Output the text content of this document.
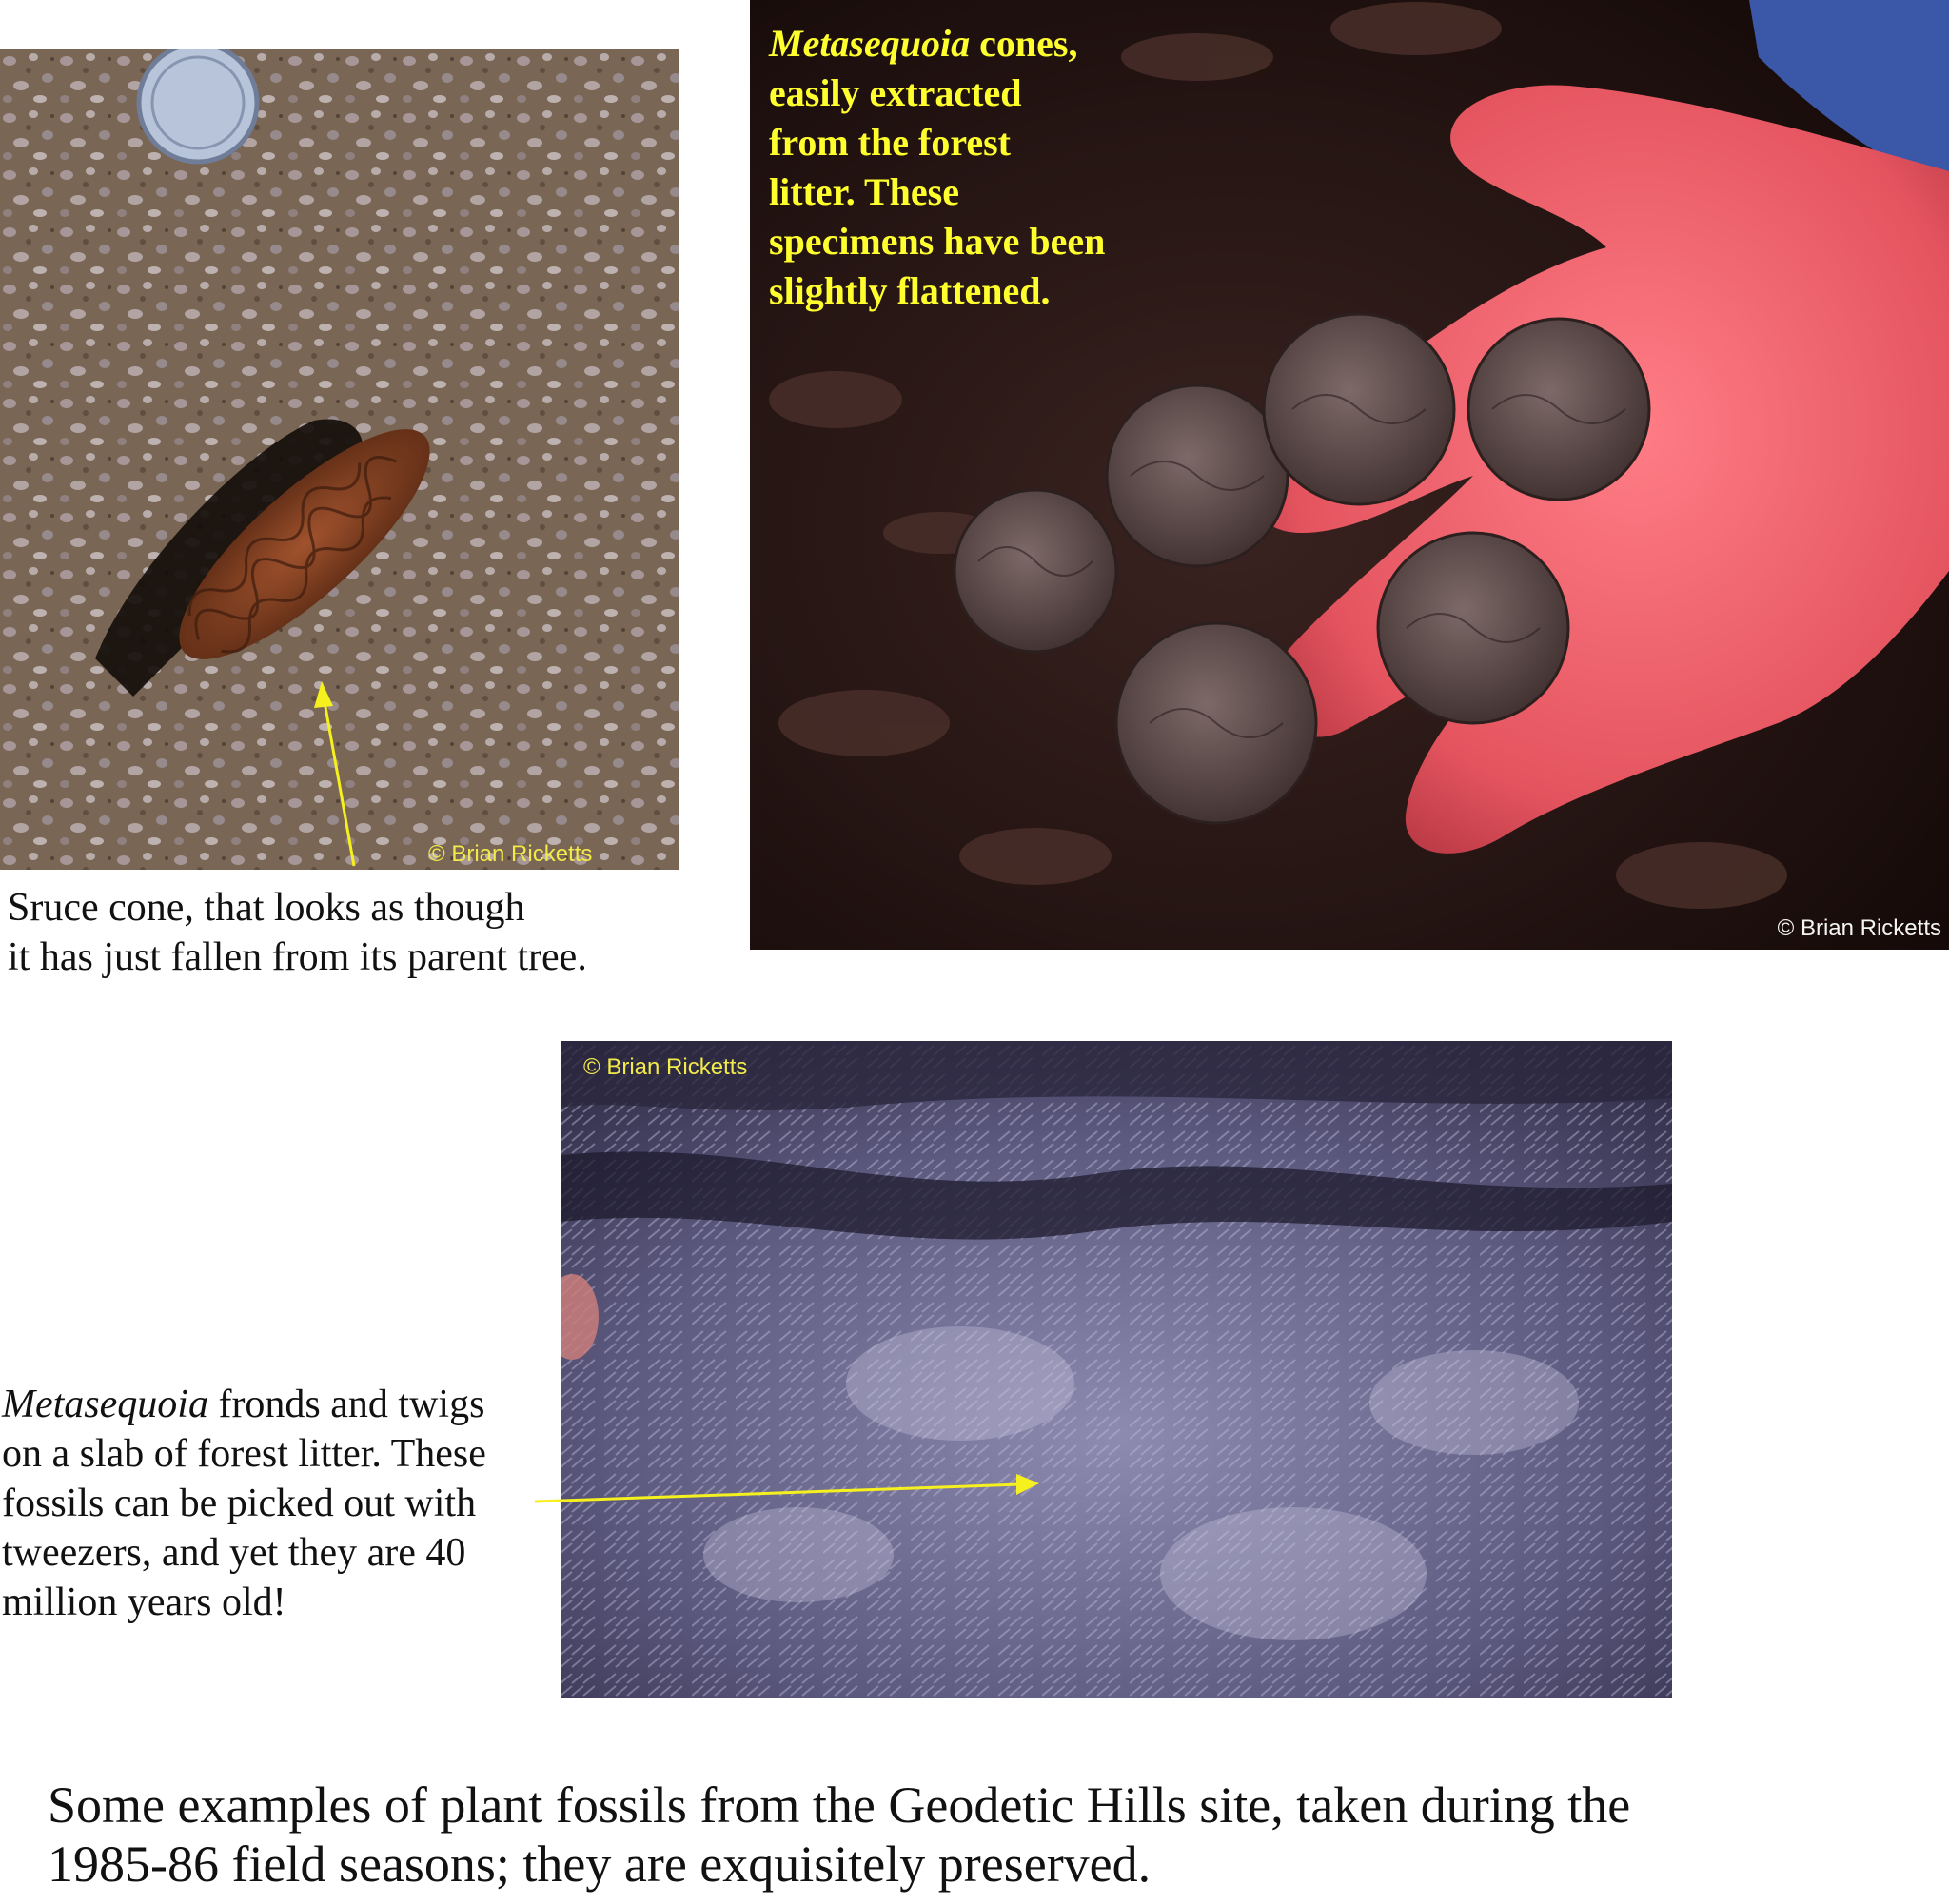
© Brian Ricketts
Sruce cone, that looks as though
it has just fallen from its parent tree.
Metasequoia cones,
easily extracted
from the forest
litter. These
specimens have been
slightly flattened.
© Brian Ricketts
© Brian Ricketts
Metasequoia fronds and twigs
on a slab of forest litter. These
fossils can be picked out with
tweezers, and yet they are 40
million years old!
Some examples of plant fossils from the Geodetic Hills site, taken during the
1985-86 field seasons; they are exquisitely preserved.
